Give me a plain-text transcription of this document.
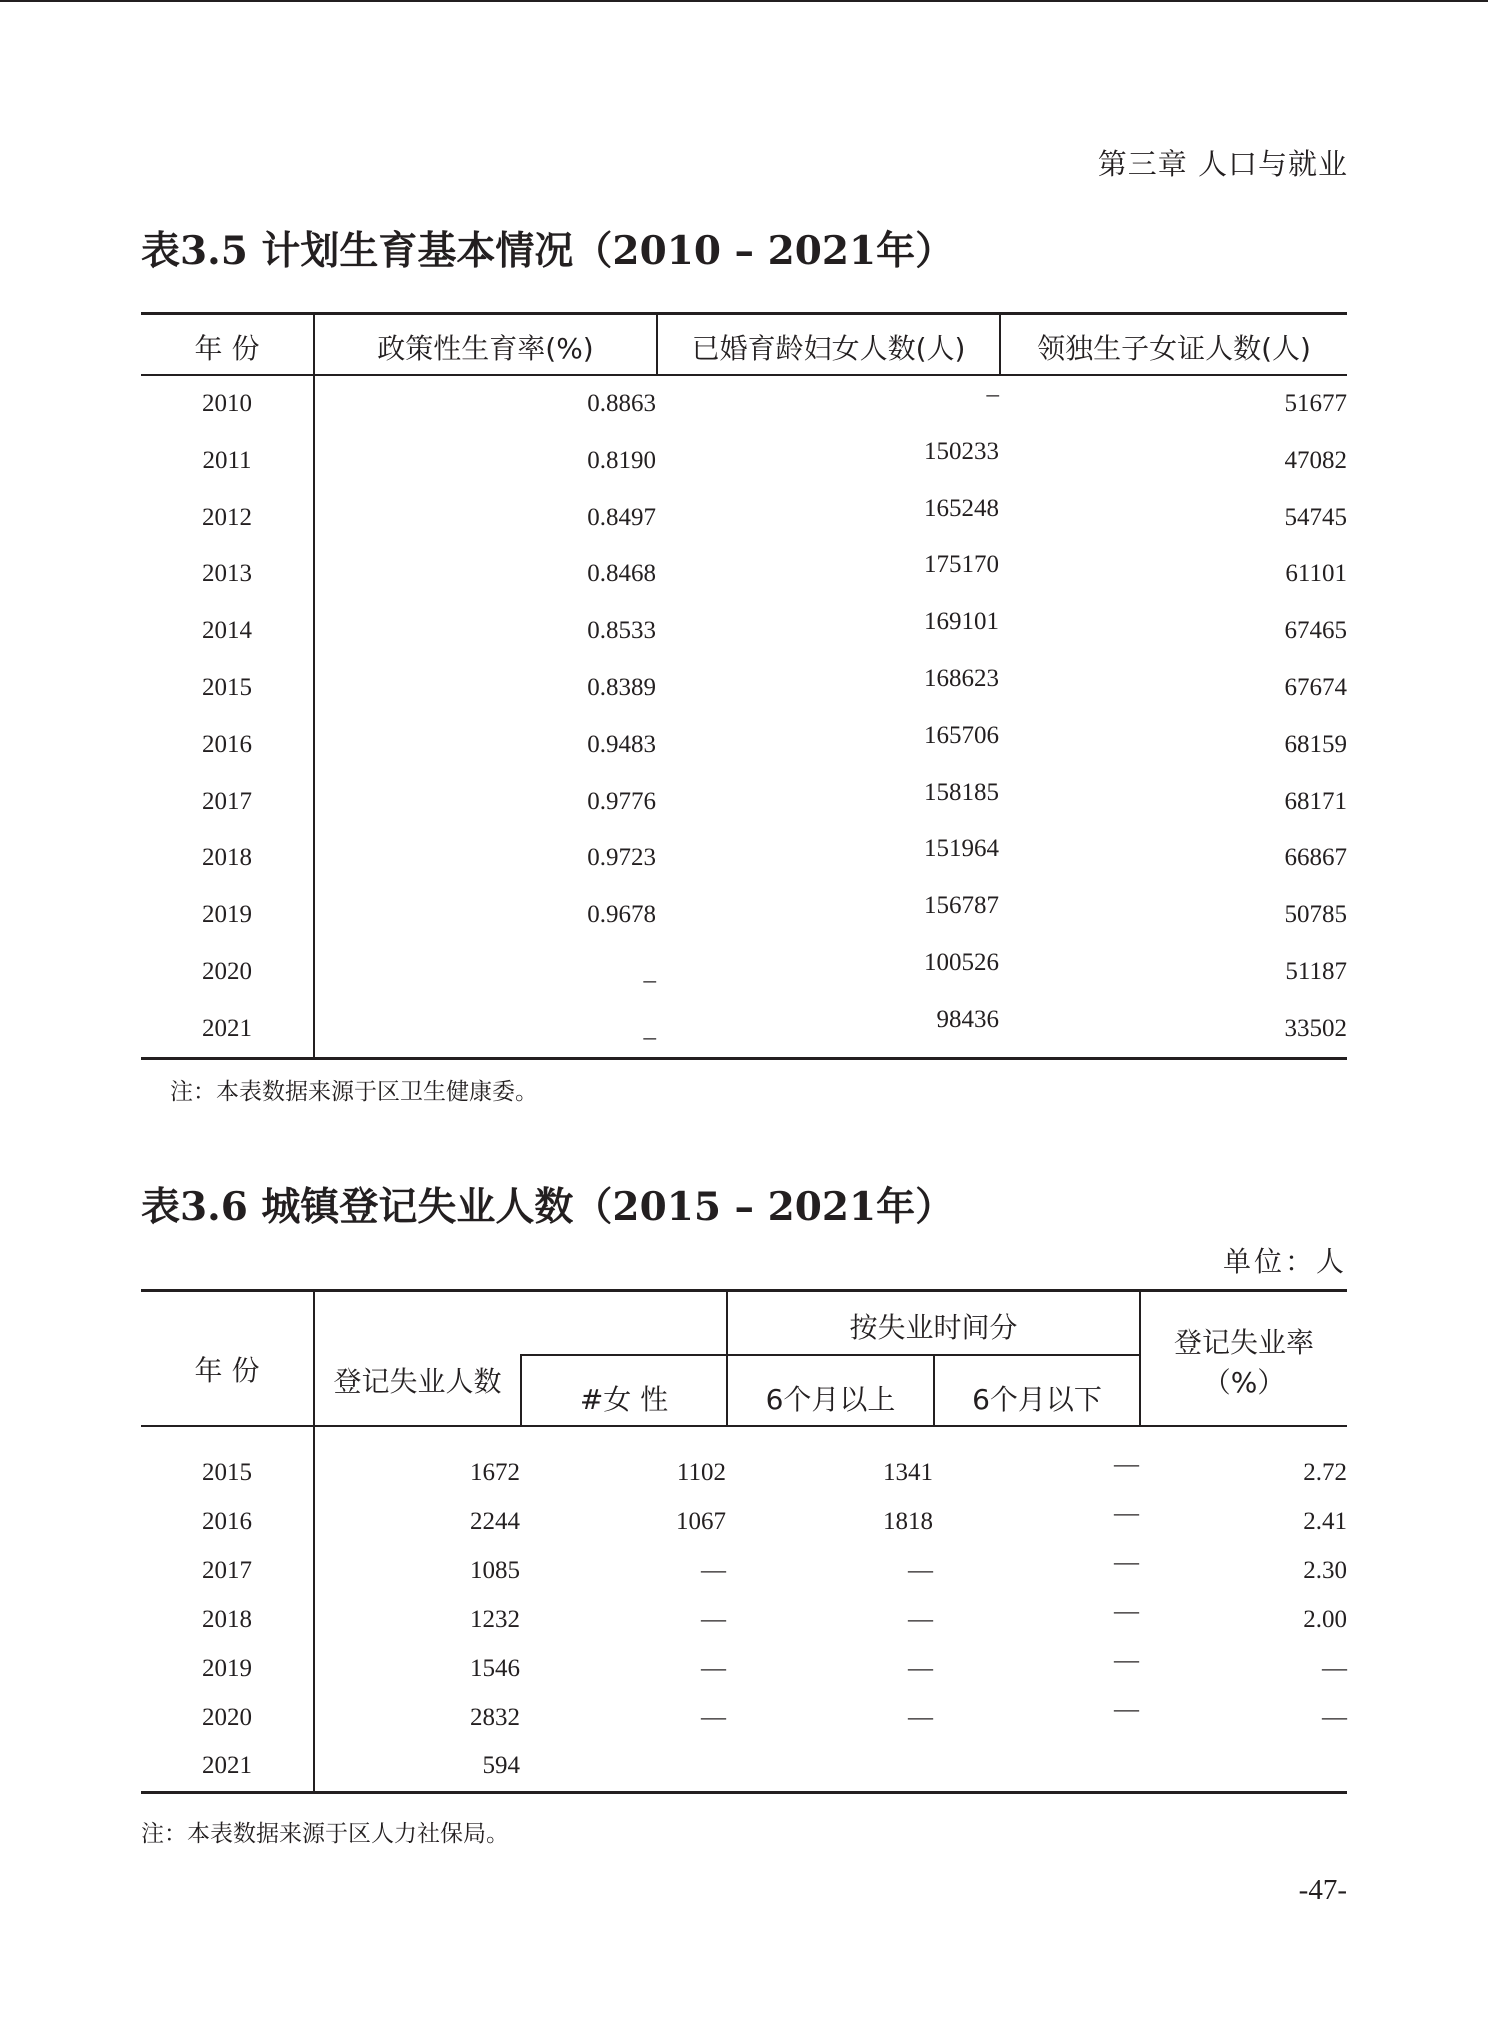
第三章 人口与就业
表3.5 计划生育基本情况（2010 – 2021年）
年 份	政策性生育率(%)	已婚育龄妇女人数(人)	领独生子女证人数(人)
2010	0.8863	–	51677
2011	0.8190	150233	47082
2012	0.8497	165248	54745
2013	0.8468	175170	61101
2014	0.8533	169101	67465
2015	0.8389	168623	67674
2016	0.9483	165706	68159
2017	0.9776	158185	68171
2018	0.9723	151964	66867
2019	0.9678	156787	50785
2020	_	100526	51187
2021	_	98436	33502
注：本表数据来源于区卫生健康委。
表3.6 城镇登记失业人数（2015 – 2021年）
单位：人
年 份	登记失业人数
#女 性
按失业时间分
6个月以上	6个月以下
登记失业率
（%）
2015	1672	1102	1341	—	2.72
2016	2244	1067	1818	—	2.41
2017	1085	—	—	—	2.30
2018	1232	—	—	—	2.00
2019	1546	—	—	—	—
2020	2832	—	—	—	—
2021	594
注：本表数据来源于区人力社保局。
-47-
